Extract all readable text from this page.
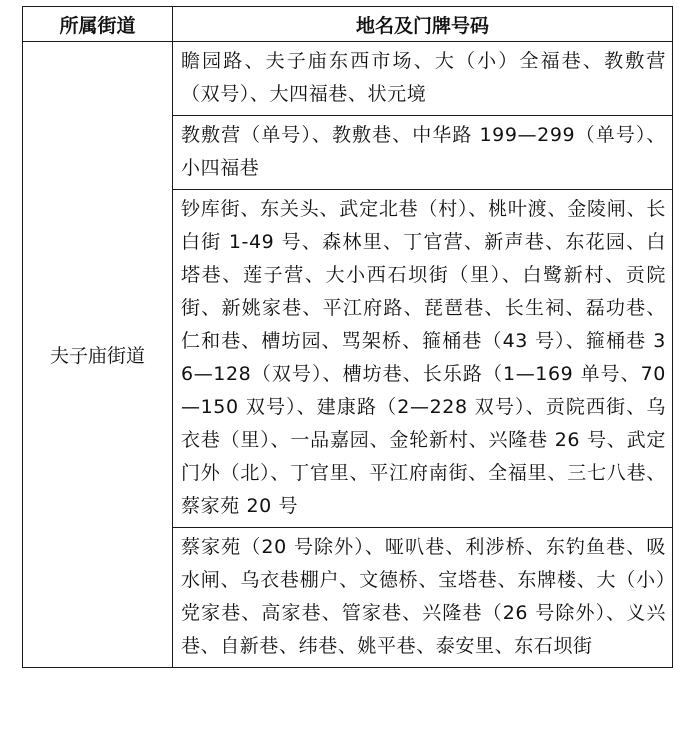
所属街道	地名及门牌号码
夫子庙街道	瞻园路、夫子庙东西市场、大（小）全福巷、教敷营（双号）、大四福巷、状元境
	教敷营（单号）、教敷巷、中华路 199—299（单号）、小四福巷
	钞库街、东关头、武定北巷（村）、桃叶渡、金陵闸、长白街 1-49 号、森林里、丁官营、新声巷、东花园、白塔巷、莲子营、大小西石坝街（里）、白鹭新村、贡院街、新姚家巷、平江府路、琵琶巷、长生祠、磊功巷、仁和巷、槽坊园、骂架桥、箍桶巷（43 号）、箍桶巷 36—128（双号）、槽坊巷、长乐路（1—169 单号、70—150 双号）、建康路（2—228 双号）、贡院西街、乌衣巷（里）、一品嘉园、金轮新村、兴隆巷 26 号、武定门外（北）、丁官里、平江府南街、全福里、三七八巷、蔡家苑 20 号
	蔡家苑（20 号除外）、哑叭巷、利涉桥、东钓鱼巷、吸水闸、乌衣巷棚户、文德桥、宝塔巷、东牌楼、大（小）党家巷、高家巷、管家巷、兴隆巷（26 号除外）、义兴巷、自新巷、纬巷、姚平巷、泰安里、东石坝街
